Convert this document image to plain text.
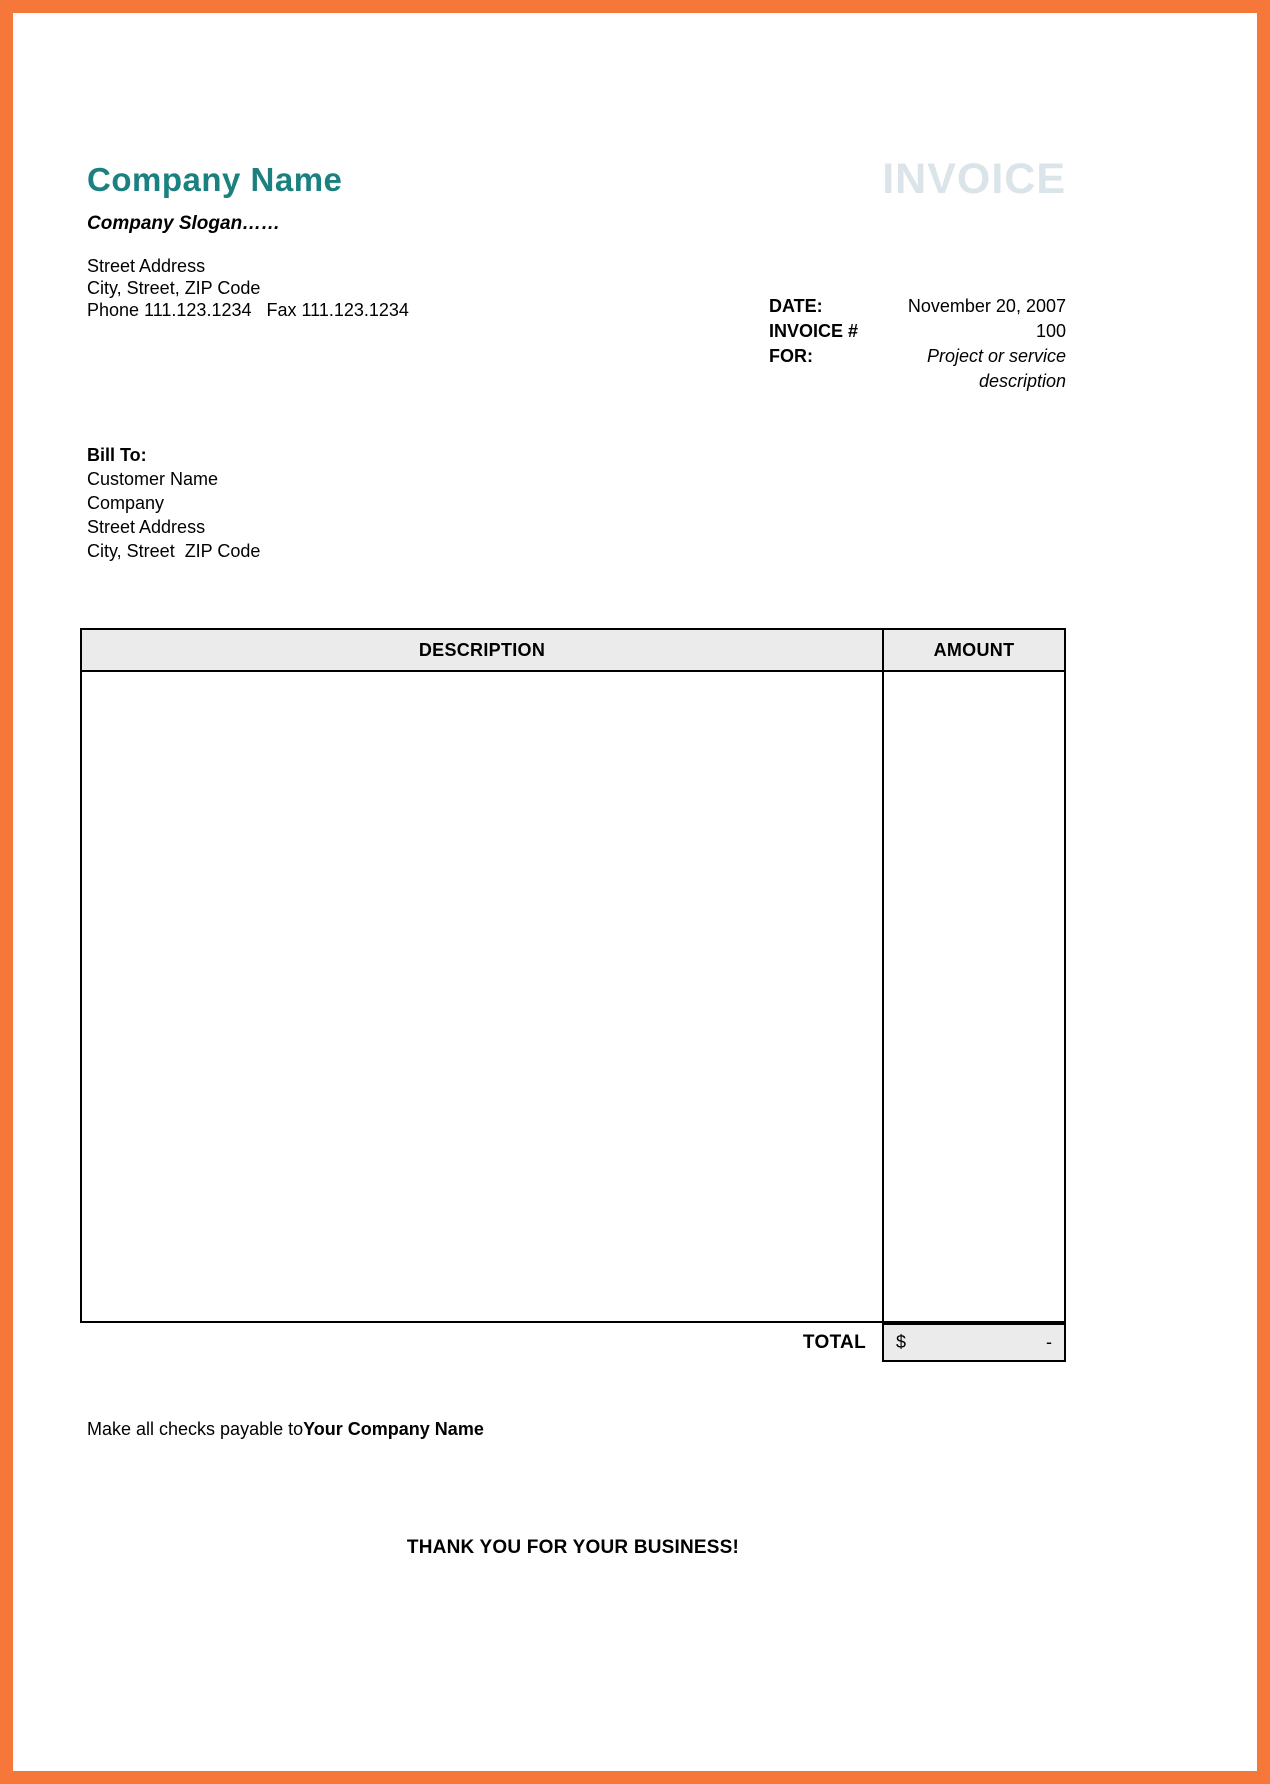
Company Name
Company Slogan……
Street Address
City, Street, ZIP Code
Phone 111.123.1234   Fax 111.123.1234
INVOICE
DATE:	November 20, 2007
INVOICE #	100
FOR:	Project or service description
Bill To:
Customer Name
Company
Street Address
City, Street  ZIP Code
DESCRIPTION	AMOUNT
TOTAL	$	-
Make all checks payable toYour Company Name
THANK YOU FOR YOUR BUSINESS!
